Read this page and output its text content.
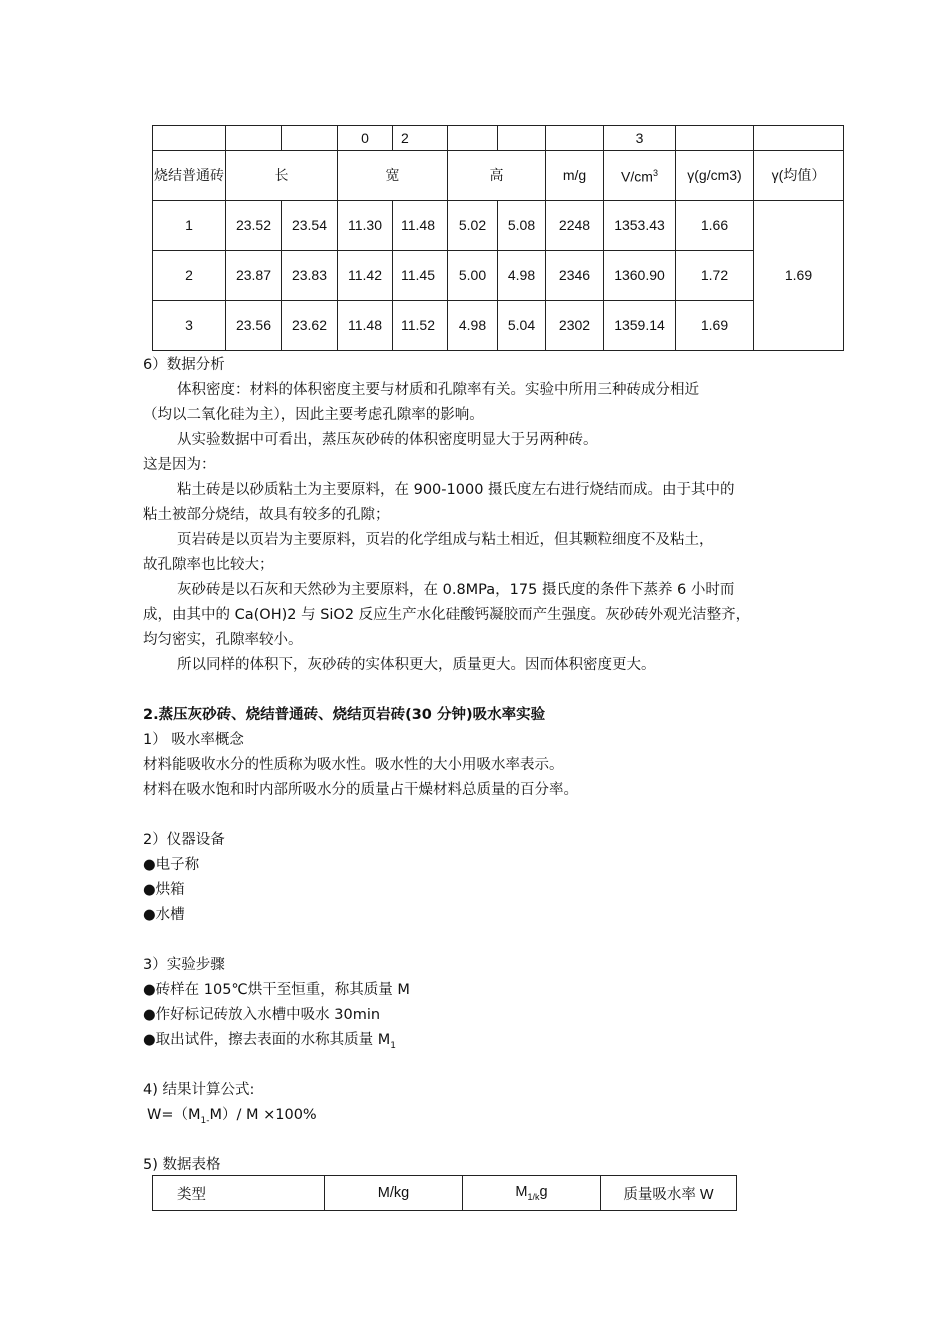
			0	2				3		
烧结普通砖	长		宽		高		m/g	$V/cm^3$	γ(g/cm3)	γ(均值）
1	23.52	23.54	11.30	11.48	5.02	5.08	2248	1353.43	1.66	1.69
2	23.87	23.83	11.42	11.45	5.00	4.98	2346	1360.90	1.72	
3	23.56	23.62	11.48	11.52	4.98	5.04	2302	1359.14	1.69	
6）数据分析
体积密度：材料的体积密度主要与材质和孔隙率有关。实验中所用三种砖成分相近
（均以二氧化硅为主），因此主要考虑孔隙率的影响。
从实验数据中可看出，蒸压灰砂砖的体积密度明显大于另两种砖。
这是因为：
粘土砖是以砂质粘土为主要原料，在 900-1000 摄氏度左右进行烧结而成。由于其中的
粘土被部分烧结，故具有较多的孔隙；
页岩砖是以页岩为主要原料，页岩的化学组成与粘土相近，但其颗粒细度不及粘土，
故孔隙率也比较大；
灰砂砖是以石灰和天然砂为主要原料，在 0.8MPa，175 摄氏度的条件下蒸养 6 小时而
成，由其中的 Ca(OH)2 与 SiO2 反应生产水化硅酸钙凝胶而产生强度。灰砂砖外观光洁整齐，
均匀密实，孔隙率较小。
所以同样的体积下，灰砂砖的实体积更大，质量更大。因而体积密度更大。
2.蒸压灰砂砖、烧结普通砖、烧结页岩砖(30 分钟)吸水率实验
1） 吸水率概念
材料能吸收水分的性质称为吸水性。吸水性的大小用吸水率表示。
材料在吸水饱和时内部所吸水分的质量占干燥材料总质量的百分率。
2）仪器设备
●电子称
●烘箱
●水槽
3）实验步骤
●砖样在 105℃烘干至恒重，称其质量 M
●作好标记砖放入水槽中吸水 30min
●取出试件，擦去表面的水称其质量 $M_1$
4) 结果计算公式:
$W=(M_{1-}M)/$ M ×100%
5) 数据表格
类型	M/kg	$M_{1/k}g$	质量吸水率 W
